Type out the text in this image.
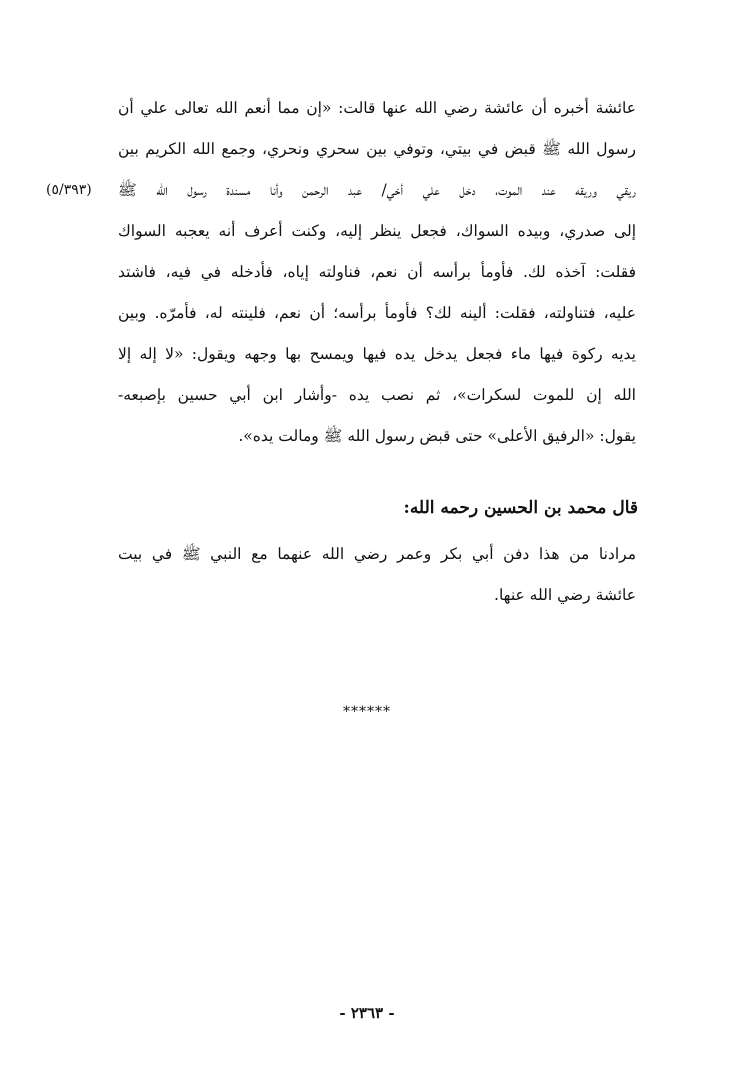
عائشة أخبره أن عائشة رضي الله عنها قالت: «إن مما أنعم الله تعالى علي أن
رسول الله ﷺ قبض في بيتي، وتوفي بين سحري ونحري، وجمع الله الكريم بين
ريقي وريقه عند الموت، دخل علي أخي/ عبد الرحمن وأنا مسندة رسول الله ﷺ
إلى صدري، وبيده السواك، فجعل ينظر إليه، وكنت أعرف أنه يعجبه السواك
فقلت: آخذه لك. فأومأ برأسه أن نعم، فناولته إياه، فأدخله في فيه، فاشتد
عليه، فتناولته، فقلت: ألينه لك؟ فأومأ برأسه؛ أن نعم، فلينته له، فأمرّه. وبين
يديه ركوة فيها ماء فجعل يدخل يده فيها ويمسح بها وجهه ويقول: «لا إله إلا
الله إن للموت لسكرات»، ثم نصب يده -وأشار ابن أبي حسين بإصبعه-
يقول: «الرفيق الأعلى» حتى قبض رسول الله ﷺ ومالت يده».
(٥/٣٩٣)
قال محمد بن الحسين رحمه الله:
مرادنا من هذا دفن أبي بكر وعمر رضي الله عنهما مع النبي ﷺ في بيت
عائشة رضي الله عنها.
******
- ٢٣٦٣ -
